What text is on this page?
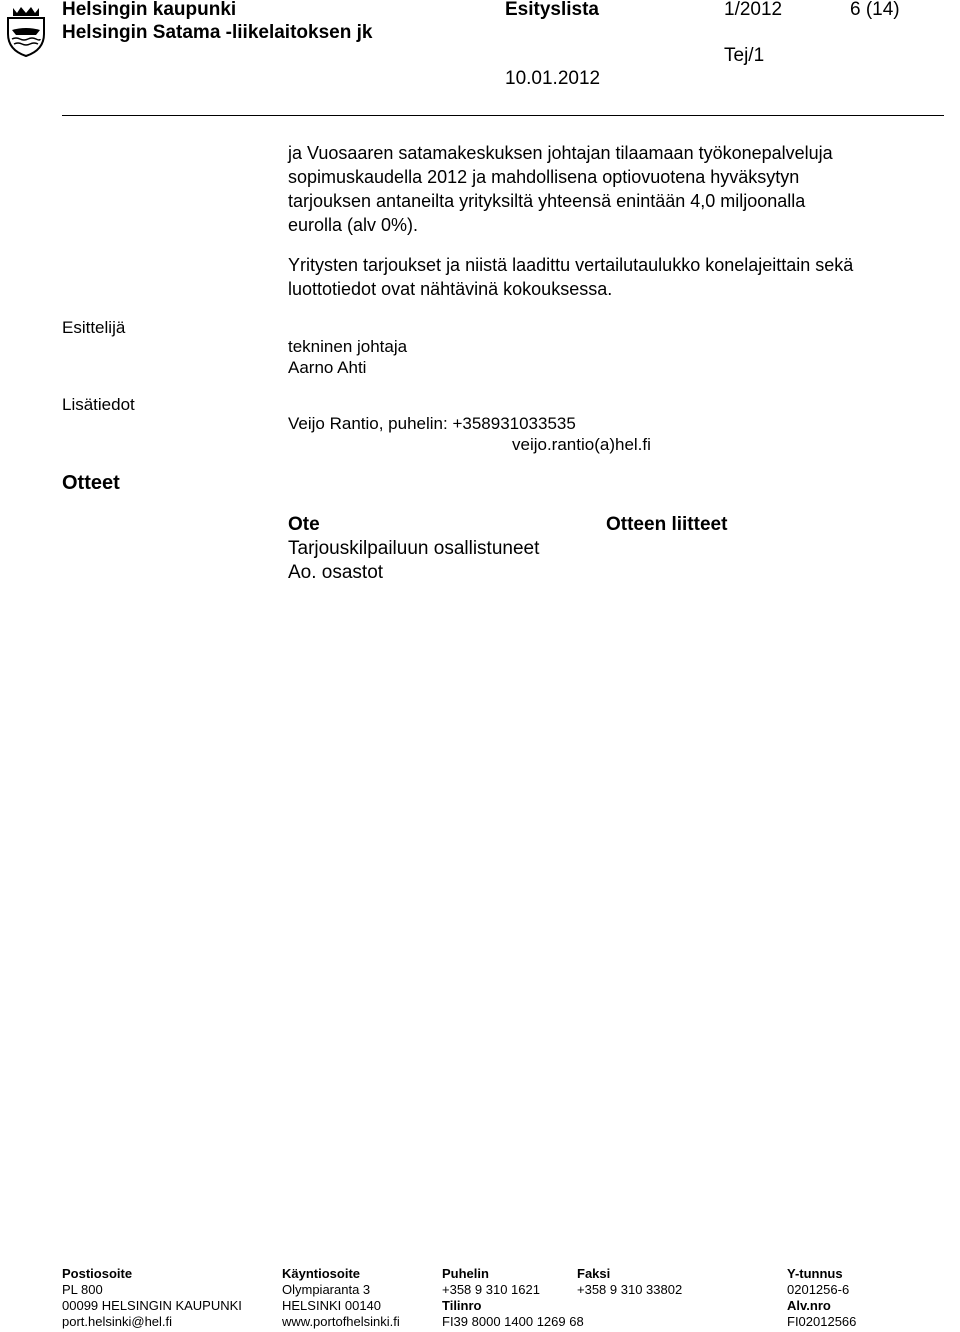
Helsingin kaupunki
Helsingin Satama -liikelaitoksen jk
Esityslista	1/2012	6 (14)
Tej/1
10.01.2012
ja Vuosaaren satamakeskuksen johtajan tilaamaan työkonepalveluja
sopimuskaudella 2012 ja mahdollisena optiovuotena hyväksytyn
tarjouksen antaneilta yrityksiltä yhteensä enintään 4,0 miljoonalla
eurolla (alv 0%).
Yritysten tarjoukset ja niistä laadittu vertailutaulukko konelajeittain sekä
luottotiedot ovat nähtävinä kokouksessa.
Esittelijä
tekninen johtaja
Aarno Ahti
Lisätiedot
Veijo Rantio, puhelin: +358931033535
veijo.rantio(a)hel.fi
Otteet
Ote
Tarjouskilpailuun osallistuneet
Ao. osastot
Otteen liitteet
Postiosoite
PL 800
00099 HELSINGIN KAUPUNKI
port.helsinki@hel.fi
Käyntiosoite
Olympiaranta 3
HELSINKI 00140
www.portofhelsinki.fi
Puhelin
+358 9 310 1621
Tilinro
FI39 8000 1400 1269 68
Faksi
+358 9 310 33802
Y-tunnus
0201256-6
Alv.nro
FI02012566
